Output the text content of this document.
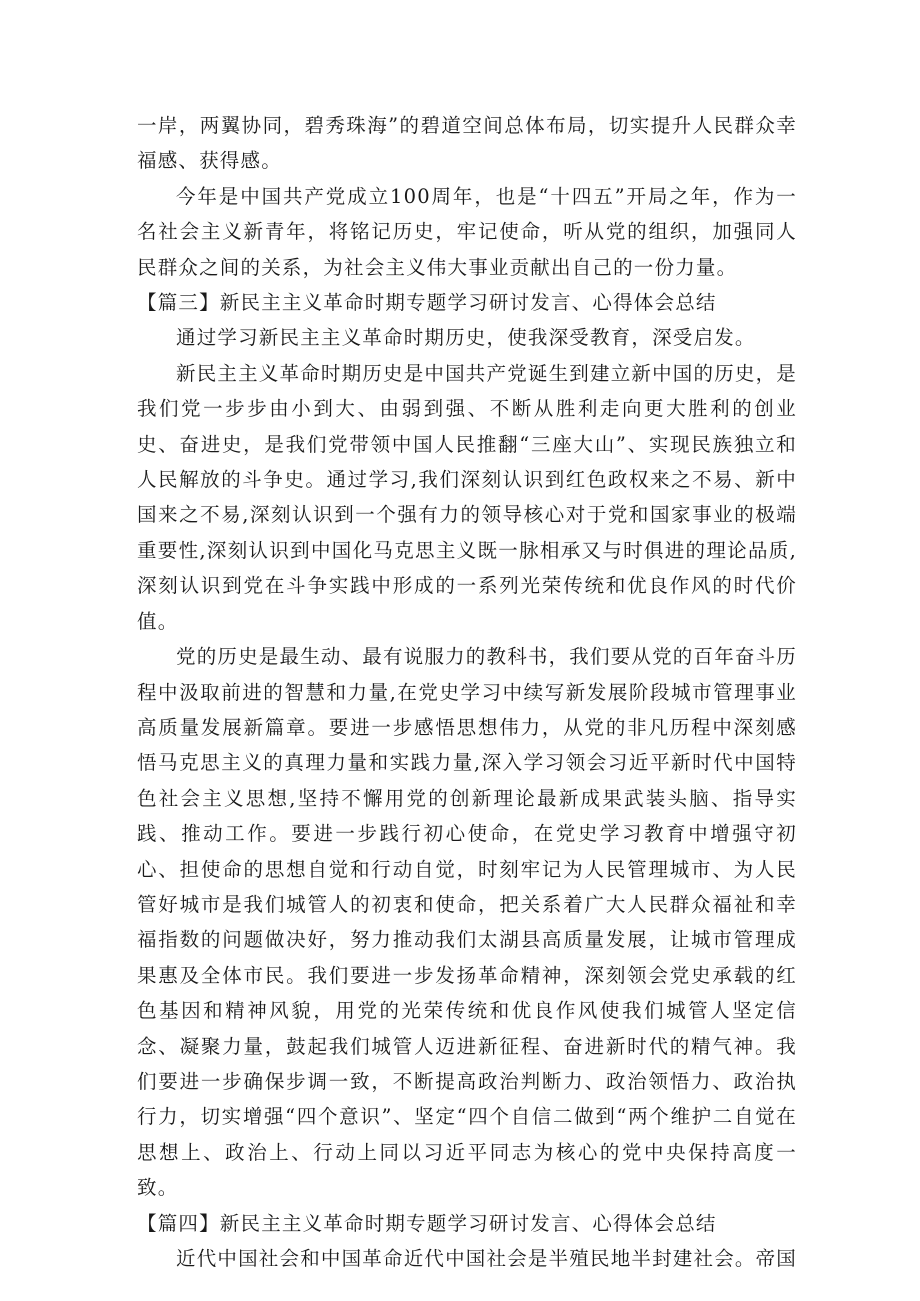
一岸，两翼协同，碧秀珠海”的碧道空间总体布局，切实提升人民群众幸福感、获得感。

今年是中国共产党成立100周年，也是“十四五”开局之年，作为一名社会主义新青年，将铭记历史，牢记使命，听从党的组织，加强同人民群众之间的关系，为社会主义伟大事业贡献出自己的一份力量。

【篇三】新民主主义革命时期专题学习研讨发言、心得体会总结

通过学习新民主主义革命时期历史，使我深受教育，深受启发。

新民主主义革命时期历史是中国共产党诞生到建立新中国的历史，是我们党一步步由小到大、由弱到强、不断从胜利走向更大胜利的创业史、奋进史，是我们党带领中国人民推翻“三座大山”、实现民族独立和人民解放的斗争史。通过学习,我们深刻认识到红色政权来之不易、新中国来之不易,深刻认识到一个强有力的领导核心对于党和国家事业的极端重要性,深刻认识到中国化马克思主义既一脉相承又与时俱进的理论品质,深刻认识到党在斗争实践中形成的一系列光荣传统和优良作风的时代价值。

党的历史是最生动、最有说服力的教科书，我们要从党的百年奋斗历程中汲取前进的智慧和力量,在党史学习中续写新发展阶段城市管理事业高质量发展新篇章。要进一步感悟思想伟力，从党的非凡历程中深刻感悟马克思主义的真理力量和实践力量,深入学习领会习近平新时代中国特色社会主义思想,坚持不懈用党的创新理论最新成果武装头脑、指导实践、推动工作。要进一步践行初心使命，在党史学习教育中增强守初心、担使命的思想自觉和行动自觉，时刻牢记为人民管理城市、为人民管好城市是我们城管人的初衷和使命，把关系着广大人民群众福祉和幸福指数的问题做决好，努力推动我们太湖县高质量发展，让城市管理成果惠及全体市民。我们要进一步发扬革命精神，深刻领会党史承载的红色基因和精神风貌，用党的光荣传统和优良作风使我们城管人坚定信念、凝聚力量，鼓起我们城管人迈进新征程、奋进新时代的精气神。我们要进一步确保步调一致，不断提高政治判断力、政治领悟力、政治执行力，切实增强“四个意识”、坚定“四个自信二做到“两个维护二自觉在思想上、政治上、行动上同以习近平同志为核心的党中央保持高度一致。

【篇四】新民主主义革命时期专题学习研讨发言、心得体会总结

近代中国社会和中国革命近代中国社会是半殖民地半封建社会。帝国
